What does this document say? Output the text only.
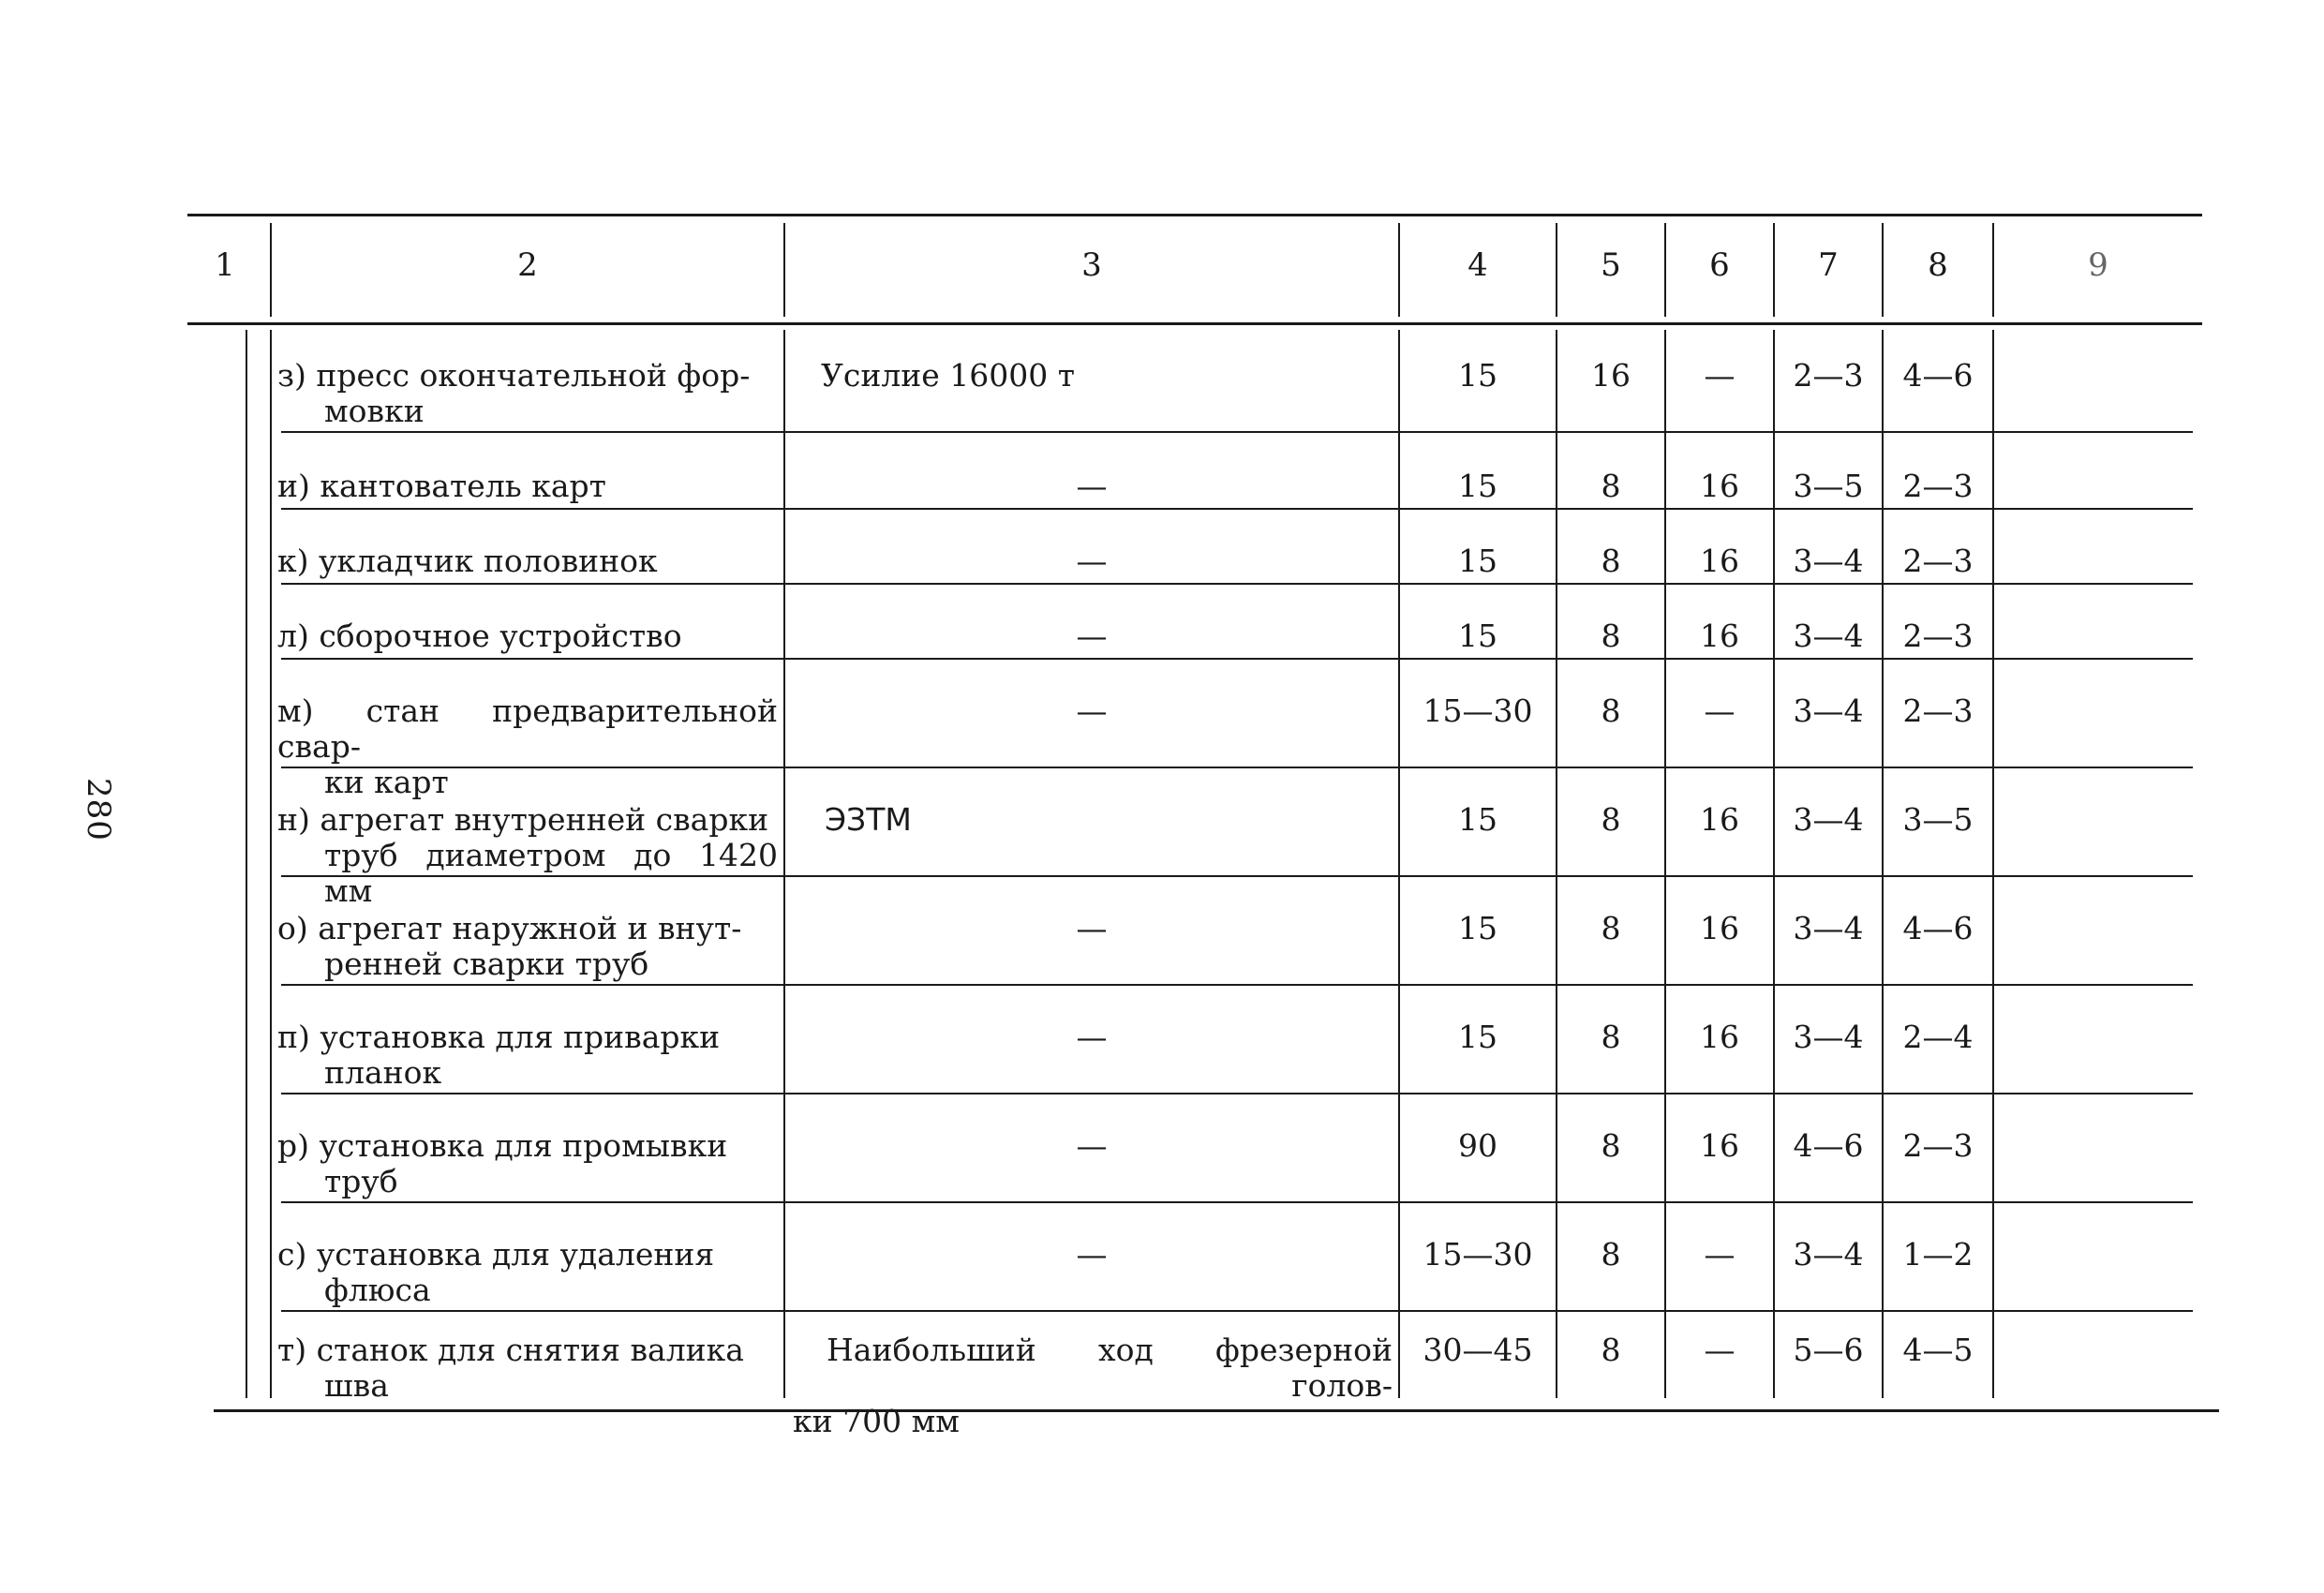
280
1	2	3	4	5	6	7	8	9
з) пресс окончательной фор-
мовки
Усилие 16000 т	15	16	—	2—3	4—6
и) кантователь карт	—	15	8	16	3—5	2—3
к) укладчик половинок	—	15	8	16	3—4	2—3
л) сборочное устройство	—	15	8	16	3—4	2—3
м) стан предварительной свар-
ки карт
—	15—30	8	—	3—4	2—3
н) агрегат внутренней сварки
труб диаметром до 1420 мм
ЭЗТМ	15	8	16	3—4	3—5
о) агрегат наружной и внут-
ренней сварки труб
—	15	8	16	3—4	4—6
п) установка для приварки
планок
—	15	8	16	3—4	2—4
р) установка для промывки
труб
—	90	8	16	4—6	2—3
с) установка для удаления
флюса
—	15—30	8	—	3—4	1—2
т) станок для снятия валика
шва
Наибольший ход фрезерной голов-
ки 700 мм
30—45	8	—	5—6	4—5
